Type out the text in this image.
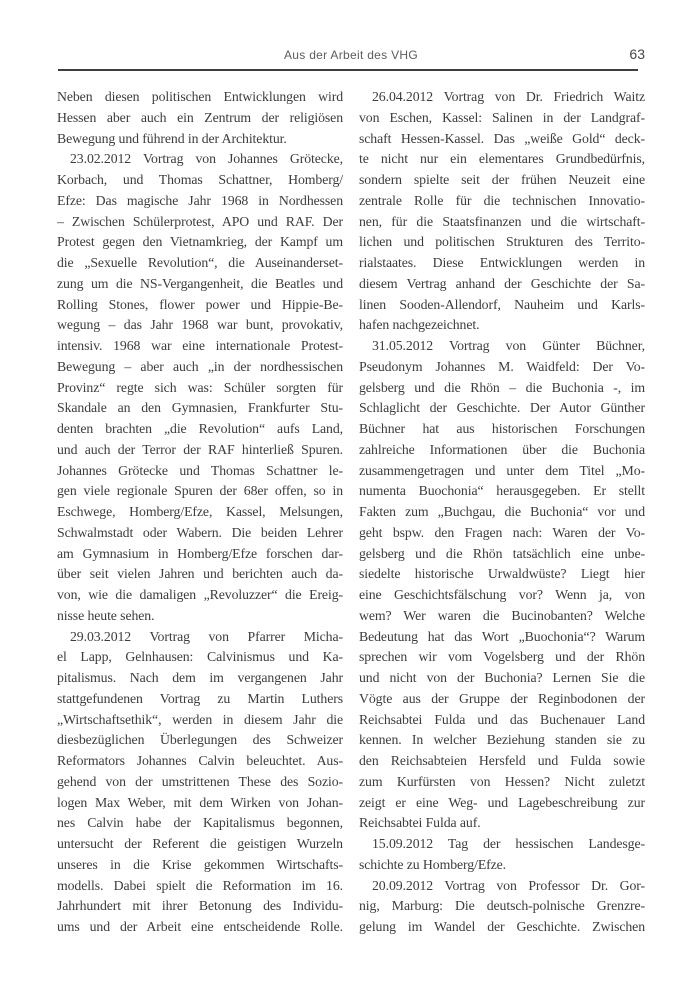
Aus der Arbeit des VHG	63
Neben diesen politischen Entwicklungen wird
Hessen aber auch ein Zentrum der religiösen
Bewegung und führend in der Architektur.
23.02.2012 Vortrag von Johannes Grötecke,
Korbach, und Thomas Schattner, Homberg/
Efze: Das magische Jahr 1968 in Nordhessen
– Zwischen Schülerprotest, APO und RAF. Der
Protest gegen den Vietnamkrieg, der Kampf um
die „Sexuelle Revolution“, die Auseinanderset-
zung um die NS-Vergangenheit, die Beatles und
Rolling Stones, flower power und Hippie-Be-
wegung – das Jahr 1968 war bunt, provokativ,
intensiv. 1968 war eine internationale Protest-
Bewegung – aber auch „in der nordhessischen
Provinz“ regte sich was: Schüler sorgten für
Skandale an den Gymnasien, Frankfurter Stu-
denten brachten „die Revolution“ aufs Land,
und auch der Terror der RAF hinterließ Spuren.
Johannes Grötecke und Thomas Schattner le-
gen viele regionale Spuren der 68er offen, so in
Eschwege, Homberg/Efze, Kassel, Melsungen,
Schwalmstadt oder Wabern. Die beiden Lehrer
am Gymnasium in Homberg/Efze forschen dar-
über seit vielen Jahren und berichten auch da-
von, wie die damaligen „Revoluzzer“ die Ereig-
nisse heute sehen.
29.03.2012 Vortrag von Pfarrer Micha-
el Lapp, Gelnhausen: Calvinismus und Ka-
pitalismus. Nach dem im vergangenen Jahr
stattgefundenen Vortrag zu Martin Luthers
„Wirtschaftsethik“, werden in diesem Jahr die
diesbezüglichen Überlegungen des Schweizer
Reformators Johannes Calvin beleuchtet. Aus-
gehend von der umstrittenen These des Sozio-
logen Max Weber, mit dem Wirken von Johan-
nes Calvin habe der Kapitalismus begonnen,
untersucht der Referent die geistigen Wurzeln
unseres in die Krise gekommen Wirtschafts-
modells. Dabei spielt die Reformation im 16.
Jahrhundert mit ihrer Betonung des Individu-
ums und der Arbeit eine entscheidende Rolle.
26.04.2012 Vortrag von Dr. Friedrich Waitz
von Eschen, Kassel: Salinen in der Landgraf-
schaft Hessen-Kassel. Das „weiße Gold“ deck-
te nicht nur ein elementares Grundbedürfnis,
sondern spielte seit der frühen Neuzeit eine
zentrale Rolle für die technischen Innovatio-
nen, für die Staatsfinanzen und die wirtschaft-
lichen und politischen Strukturen des Territo-
rialstaates. Diese Entwicklungen werden in
diesem Vertrag anhand der Geschichte der Sa-
linen Sooden-Allendorf, Nauheim und Karls-
hafen nachgezeichnet.
31.05.2012 Vortrag von Günter Büchner,
Pseudonym Johannes M. Waidfeld: Der Vo-
gelsberg und die Rhön – die Buchonia -, im
Schlaglicht der Geschichte. Der Autor Günther
Büchner hat aus historischen Forschungen
zahlreiche Informationen über die Buchonia
zusammengetragen und unter dem Titel „Mo-
numenta Buochonia“ herausgegeben. Er stellt
Fakten zum „Buchgau, die Buchonia“ vor und
geht bspw. den Fragen nach: Waren der Vo-
gelsberg und die Rhön tatsächlich eine unbe-
siedelte historische Urwaldwüste? Liegt hier
eine Geschichtsfälschung vor? Wenn ja, von
wem? Wer waren die Bucinobanten? Welche
Bedeutung hat das Wort „Buochonia“? Warum
sprechen wir vom Vogelsberg und der Rhön
und nicht von der Buchonia? Lernen Sie die
Vögte aus der Gruppe der Reginbodonen der
Reichsabtei Fulda und das Buchenauer Land
kennen. In welcher Beziehung standen sie zu
den Reichsabteien Hersfeld und Fulda sowie
zum Kurfürsten von Hessen? Nicht zuletzt
zeigt er eine Weg- und Lagebeschreibung zur
Reichsabtei Fulda auf.
15.09.2012 Tag der hessischen Landesge-
schichte zu Homberg/Efze.
20.09.2012 Vortrag von Professor Dr. Gor-
nig, Marburg: Die deutsch-polnische Grenzre-
gelung im Wandel der Geschichte. Zwischen
